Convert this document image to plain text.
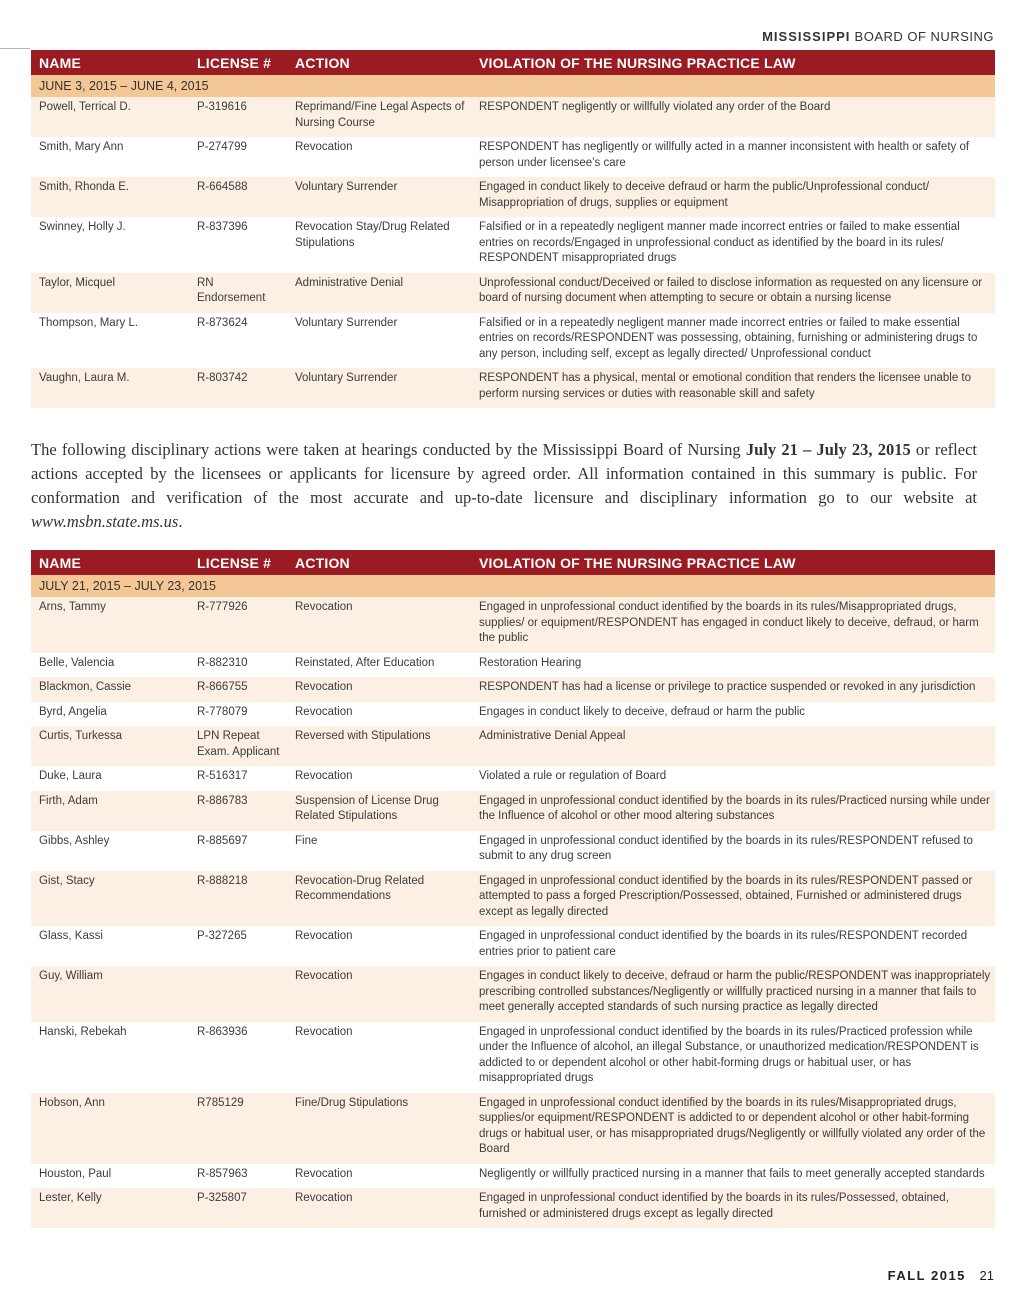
MISSISSIPPI BOARD OF NURSING
NAME	LICENSE #	ACTION	VIOLATION OF THE NURSING PRACTICE LAW
JUNE 3, 2015 – JUNE 4, 2015			
Powell, Terrical D.	P-319616	Reprimand/Fine Legal Aspects of Nursing Course	RESPONDENT negligently or willfully violated any order of the Board
Smith, Mary Ann	P-274799	Revocation	RESPONDENT has negligently or willfully acted in a manner inconsistent with health or safety of person under licensee’s care
Smith, Rhonda E.	R-664588	Voluntary Surrender	Engaged in conduct likely to deceive defraud or harm the public/Unprofessional conduct/ Misappropriation of drugs, supplies or equipment
Swinney, Holly J.	R-837396	Revocation Stay/Drug Related Stipulations	Falsified or in a repeatedly negligent manner made incorrect entries or failed to make essential entries on records/Engaged in unprofessional conduct as identified by the board in its rules/ RESPONDENT misappropriated drugs
Taylor, Micquel	RN Endorsement	Administrative Denial	Unprofessional conduct/Deceived or failed to disclose information as requested on any licensure or board of nursing document when attempting to secure or obtain a nursing license
Thompson, Mary L.	R-873624	Voluntary Surrender	Falsified or in a repeatedly negligent manner made incorrect entries or failed to make essential entries on records/RESPONDENT was possessing, obtaining, furnishing or administering drugs to any person, including self, except as legally directed/ Unprofessional conduct
Vaughn, Laura M.	R-803742	Voluntary Surrender	RESPONDENT has a physical, mental or emotional condition that renders the licensee unable to perform nursing services or duties with reasonable skill and safety
The following disciplinary actions were taken at hearings conducted by the Mississippi Board of Nursing July 21 – July 23, 2015 or reflect actions accepted by the licensees or applicants for licensure by agreed order. All information contained in this summary is public. For conformation and verification of the most accurate and up-to-date licensure and disciplinary information go to our website at www.msbn.state.ms.us.
NAME	LICENSE #	ACTION	VIOLATION OF THE NURSING PRACTICE LAW
JULY 21, 2015 – JULY 23, 2015			
Arns, Tammy	R-777926	Revocation	Engaged in unprofessional conduct identified by the boards in its rules/Misappropriated drugs, supplies/ or equipment/RESPONDENT has engaged in conduct likely to deceive, defraud, or harm the public
Belle, Valencia	R-882310	Reinstated, After Education	Restoration Hearing
Blackmon, Cassie	R-866755	Revocation	RESPONDENT has had a license or privilege to practice suspended or revoked in any jurisdiction
Byrd, Angelia	R-778079	Revocation	Engages in conduct likely to deceive, defraud or harm the public
Curtis, Turkessa	LPN Repeat Exam. Applicant	Reversed with Stipulations	Administrative Denial Appeal
Duke, Laura	R-516317	Revocation	Violated a rule or regulation of Board
Firth, Adam	R-886783	Suspension of License Drug Related Stipulations	Engaged in unprofessional conduct identified by the boards in its rules/Practiced nursing while under the Influence of alcohol or other mood altering substances
Gibbs, Ashley	R-885697	Fine	Engaged in unprofessional conduct identified by the boards in its rules/RESPONDENT refused to submit to any drug screen
Gist, Stacy	R-888218	Revocation-Drug Related Recommendations	Engaged in unprofessional conduct identified by the boards in its rules/RESPONDENT passed or attempted to pass a forged Prescription/Possessed, obtained, Furnished or administered drugs except as legally directed
Glass, Kassi	P-327265	Revocation	Engaged in unprofessional conduct identified by the boards in its rules/RESPONDENT recorded entries prior to patient care
Guy, William		Revocation	Engages in conduct likely to deceive, defraud or harm the public/RESPONDENT was inappropriately prescribing controlled substances/Negligently or willfully practiced nursing in a manner that fails to meet generally accepted standards of such nursing practice as legally directed
Hanski, Rebekah	R-863936	Revocation	Engaged in unprofessional conduct identified by the boards in its rules/Practiced profession while under the Influence of alcohol, an illegal Substance, or unauthorized medication/RESPONDENT is addicted to or dependent alcohol or other habit-forming drugs or habitual user, or has misappropriated drugs
Hobson, Ann	R785129	Fine/Drug Stipulations	Engaged in unprofessional conduct identified by the boards in its rules/Misappropriated drugs, supplies/or equipment/RESPONDENT is addicted to or dependent alcohol or other habit-forming drugs or habitual user, or has misappropriated drugs/Negligently or willfully violated any order of the Board
Houston, Paul	R-857963	Revocation	Negligently or willfully practiced nursing in a manner that fails to meet generally accepted standards
Lester, Kelly	P-325807	Revocation	Engaged in unprofessional conduct identified by the boards in its rules/Possessed, obtained, furnished or administered drugs except as legally directed
FALL 2015 21
